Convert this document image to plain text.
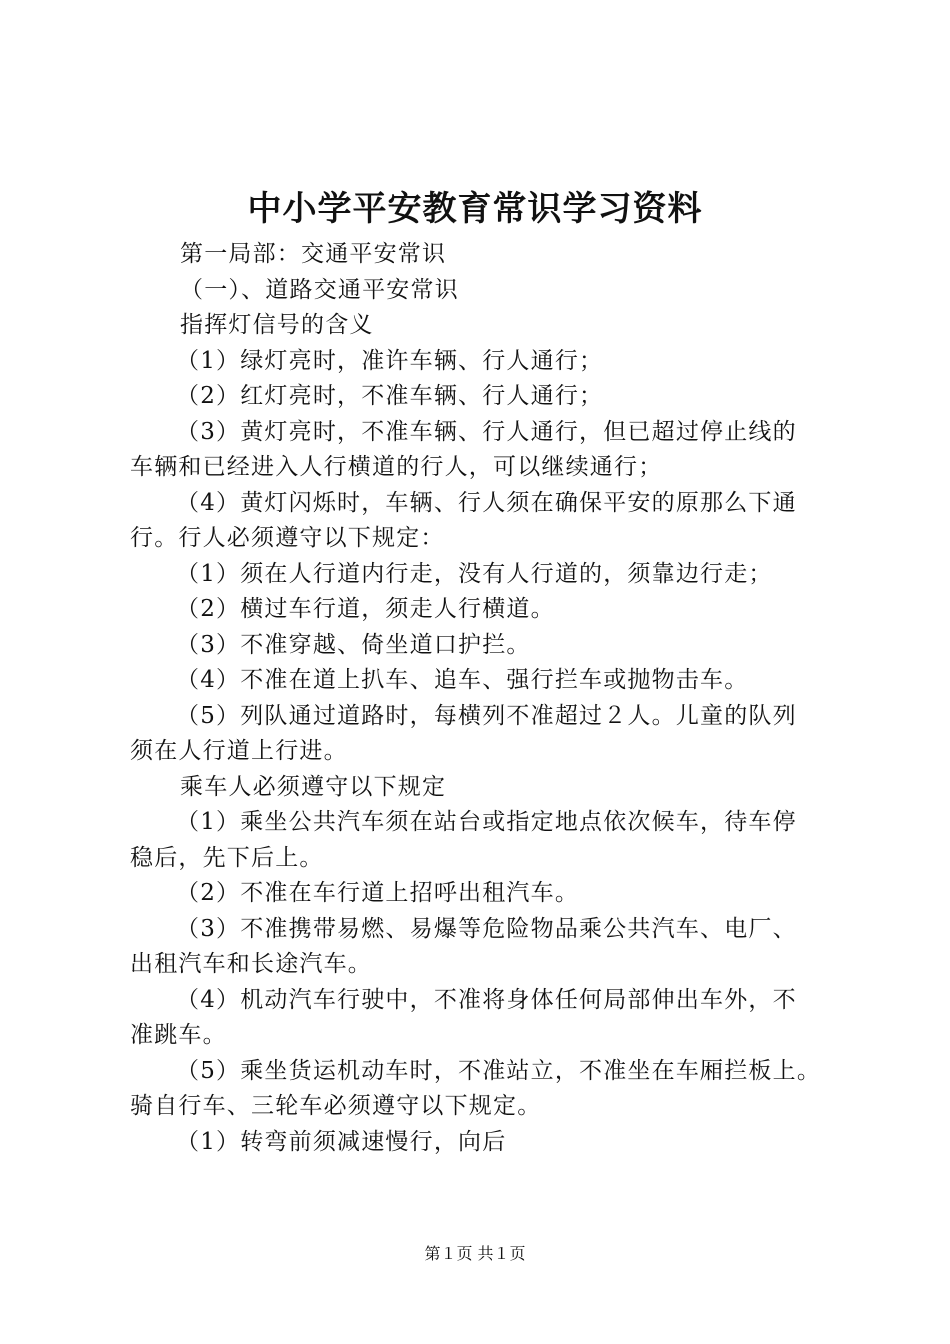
中小学平安教育常识学习资料
第一局部：交通平安常识
（一）、道路交通平安常识
指挥灯信号的含义
（1）绿灯亮时，准许车辆、行人通行；
（2）红灯亮时，不准车辆、行人通行；
（3）黄灯亮时，不准车辆、行人通行，但已超过停止线的
车辆和已经进入人行横道的行人，可以继续通行；
（4）黄灯闪烁时，车辆、行人须在确保平安的原那么下通
行。行人必须遵守以下规定：
（1）须在人行道内行走，没有人行道的，须靠边行走；
（2）横过车行道，须走人行横道。
（3）不准穿越、倚坐道口护拦。
（4）不准在道上扒车、追车、强行拦车或抛物击车。
（5）列队通过道路时，每横列不准超过２人。儿童的队列
须在人行道上行进。
乘车人必须遵守以下规定
（1）乘坐公共汽车须在站台或指定地点依次候车，待车停
稳后，先下后上。
（2）不准在车行道上招呼出租汽车。
（3）不准携带易燃、易爆等危险物品乘公共汽车、电厂、
出租汽车和长途汽车。
（4）机动汽车行驶中，不准将身体任何局部伸出车外，不
准跳车。
（5）乘坐货运机动车时，不准站立，不准坐在车厢拦板上。
骑自行车、三轮车必须遵守以下规定。
（1）转弯前须减速慢行，向后
第１页 共１页
